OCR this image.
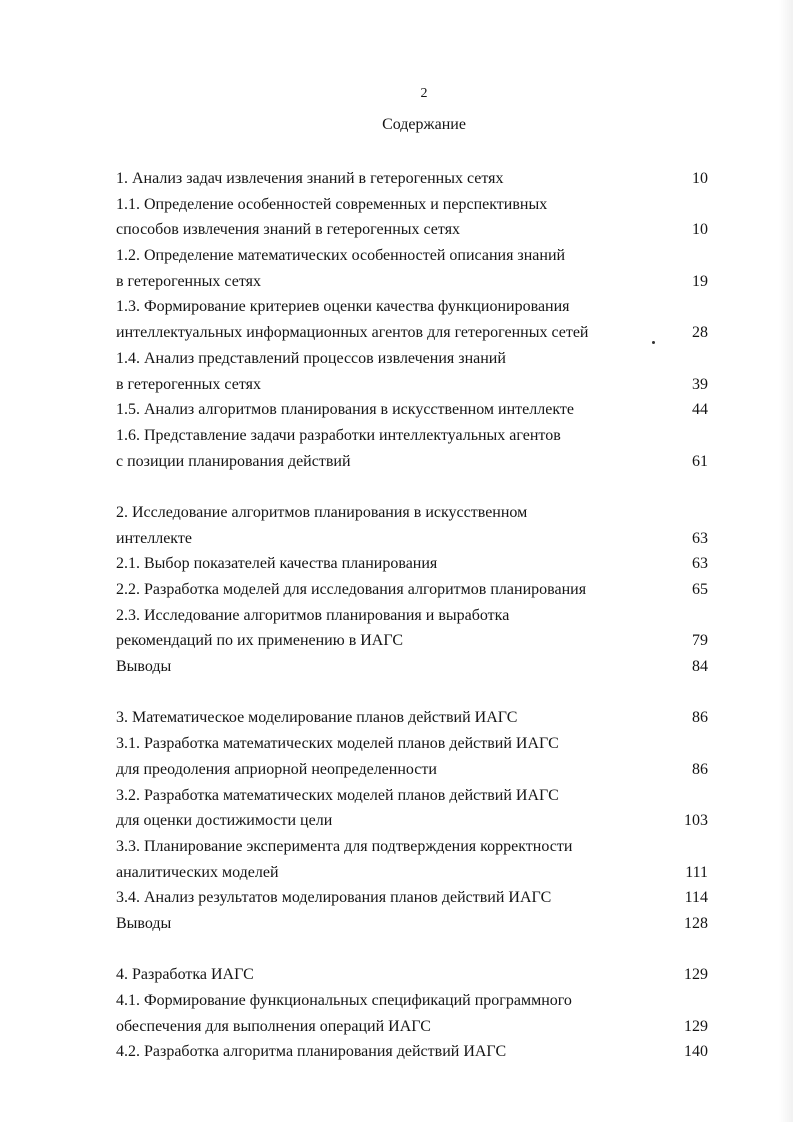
2
Содержание
1. Анализ задач извлечения знаний в гетерогенных сетях	10
1.1. Определение особенностей современных и перспективных
способов извлечения знаний в гетерогенных сетях	10
1.2. Определение математических особенностей описания знаний
в гетерогенных сетях	19
1.3. Формирование критериев оценки качества функционирования
интеллектуальных информационных агентов для гетерогенных сетей	28
1.4. Анализ представлений процессов извлечения знаний
в гетерогенных сетях	39
1.5. Анализ алгоритмов планирования в искусственном интеллекте	44
1.6. Представление задачи разработки интеллектуальных агентов
с позиции планирования действий	61
2. Исследование алгоритмов планирования в искусственном
интеллекте	63
2.1. Выбор показателей качества планирования	63
2.2. Разработка моделей для исследования алгоритмов планирования	65
2.3. Исследование алгоритмов планирования и выработка
рекомендаций по их применению в ИАГС	79
Выводы	84
3. Математическое моделирование планов действий ИАГС	86
3.1. Разработка математических моделей планов действий ИАГС
для преодоления априорной неопределенности	86
3.2. Разработка математических моделей планов действий ИАГС
для оценки достижимости цели	103
3.3. Планирование эксперимента для подтверждения корректности
аналитических моделей	111
3.4. Анализ результатов моделирования планов действий ИАГС	114
Выводы	128
4. Разработка ИАГС	129
4.1. Формирование функциональных спецификаций программного
обеспечения для выполнения операций ИАГС	129
4.2. Разработка алгоритма планирования действий ИАГС	140
